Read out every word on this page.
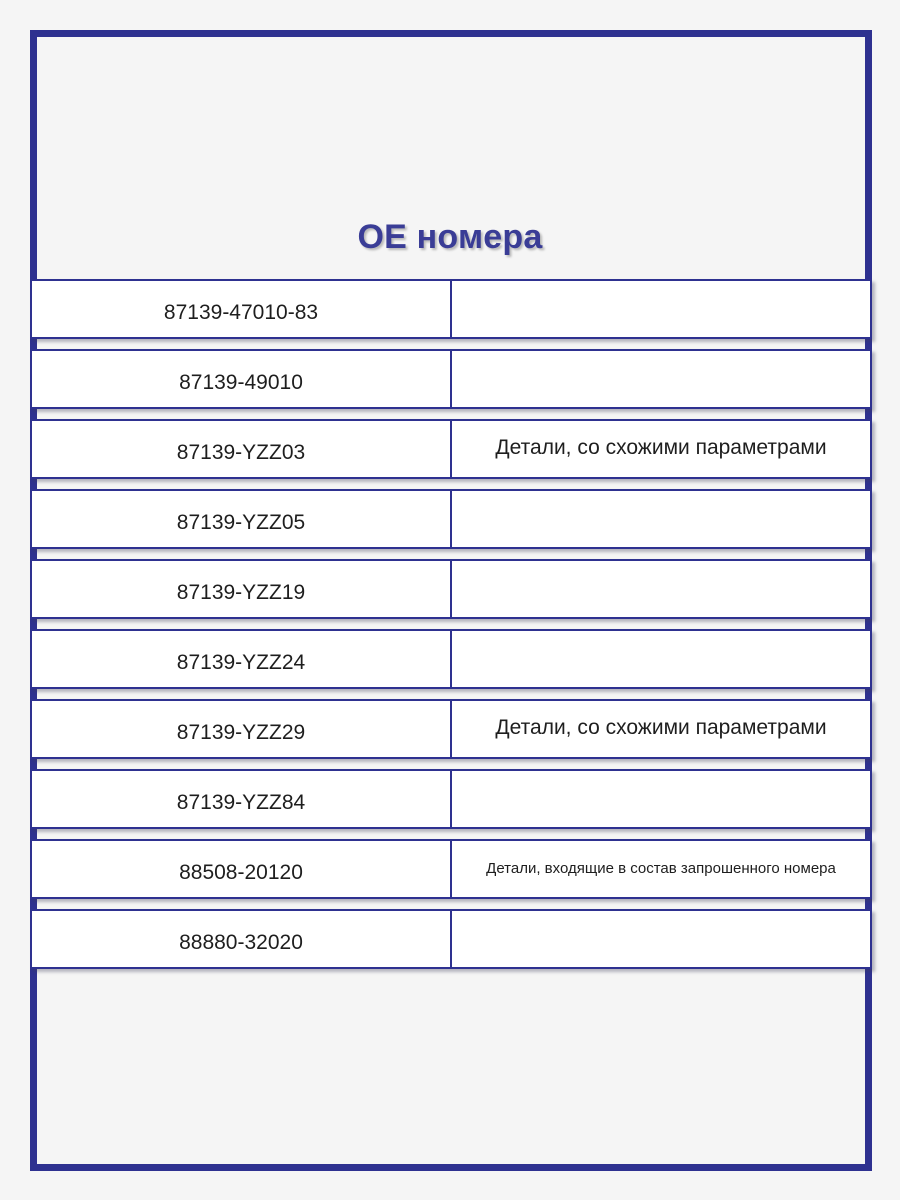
OE номера
87139-47010-83
87139-49010
87139-YZZ03	Детали, со схожими параметрами
87139-YZZ05
87139-YZZ19
87139-YZZ24
87139-YZZ29	Детали, со схожими параметрами
87139-YZZ84
88508-20120	Детали, входящие в состав запрошенного номера
88880-32020
